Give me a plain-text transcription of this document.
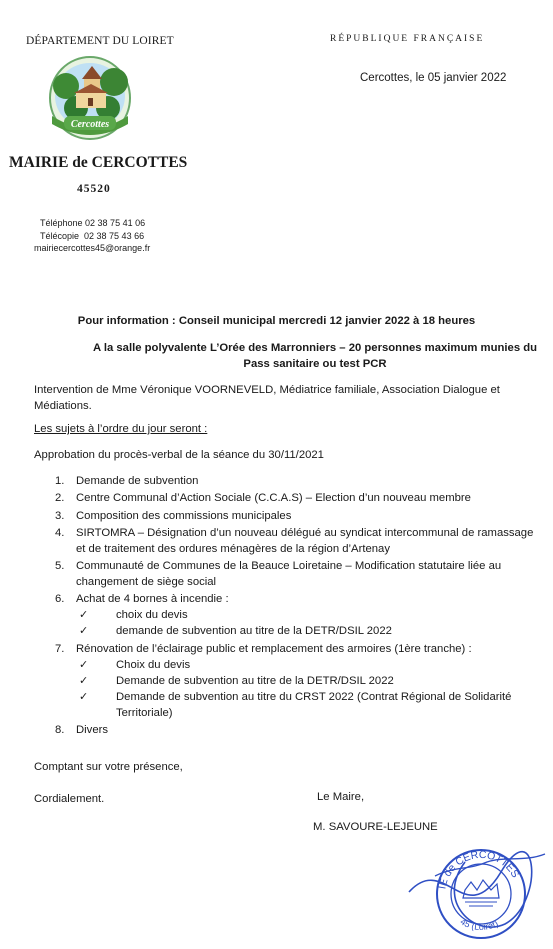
DÉPARTEMENT DU LOIRET	RÉPUBLIQUE FRANÇAISE
Cercottes, le 05 janvier 2022
Cercottes
MAIRIE de CERCOTTES
45520
Téléphone 02 38 75 41 06
Télécopie  02 38 75 43 66
mairiecercottes45@orange.fr
Pour information : Conseil municipal mercredi 12 janvier 2022 à 18 heures
A la salle polyvalente L’Orée des Marronniers – 20 personnes maximum munies du Pass sanitaire ou test PCR
Intervention de Mme Véronique VOORNEVELD, Médiatrice familiale, Association Dialogue et Médiations.
Les sujets à l’ordre du jour seront :
Approbation du procès-verbal de la séance du 30/11/2021
1. Demande de subvention
2. Centre Communal d’Action Sociale (C.C.A.S) – Election d’un nouveau membre
3. Composition des commissions municipales
4. SIRTOMRA – Désignation d’un nouveau délégué au syndicat intercommunal de ramassage et de traitement des ordures ménagères de la région d’Artenay
5. Communauté de Communes de la Beauce Loiretaine – Modification statutaire liée au changement de siège social
6. Achat de 4 bornes à incendie :
✓ choix du devis
✓ demande de subvention au titre de la DETR/DSIL 2022
7. Rénovation de l’éclairage public et remplacement des armoires (1ère tranche) :
✓ Choix du devis
✓ Demande de subvention au titre de la DETR/DSIL 2022
✓ Demande de subvention au titre du CRST 2022 (Contrat Régional de Solidarité Territoriale)
8. Divers
Comptant sur votre présence,
Cordialement.	Le Maire,
M. SAVOURE-LEJEUNE
IE de CERCOTTES
45 (Loiret)
